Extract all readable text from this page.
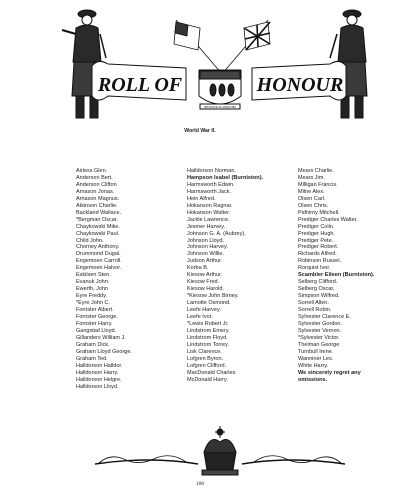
ROLL OF	HONOUR
PROVINCE OF MANITOBA
World War II.
Airless Glen.
Anderson Bert.
Anderson Clifton
Arnason Jonas.
Arnason Magnus.
Atkinson Charlie.
Backland Wallace.
*Bergman Oscar.
Chaykowski Mike.
Chaykowski Paul.
Child John.
Chorney Anthony.
Drummond Dugal.
Engemoen Carroll.
Engemoen Halvor.
Eskilsen Sten.
Evanuk John.
Ewerth, John
Eyre Freddy.
*Eyre John C.
Forrister Albert.
Forrister George.
Forrister Harry.
Gangstad Lloyd.
Gillanders William J.
Graham Dick.
Graham Lloyd George.
Graham Ted.
Halldorson Halldor.
Halldorson Harry.
Halldorson Helgre.
Halldorson Lloyd.
Halldorson Norman.
Hampson Isabel (Burniston).
Harmsworth Edwin.
Harmsworth Jack.
Hein Alfred.
Hokanson Ragnar.
Hokanson Walter.
Jackle Lawrence.
Jesmer Harvey.
Johnson G. A. (Aubrey).
Johnson Lloyd.
Johnson Harvey.
Johnson Willie.
Judson Arthur.
Korba B.
Kiesow Arthur.
Kiesow Fred.
Kiesow Harold.
*Kiesow John Birney.
Lamotte Osmond.
Leefe Harvey.
Leefe Ivor.
*Lewis Robert Jr.
Lindstrom Emery.
Lindstrom Floyd.
Lindstrom Torrey.
Lisk Clarence.
Lofgren Byron.
Lofgren Clifford.
MacDonald Charles.
McDonald Harry.
Mears Charlie.
Mears Jim.
Milligan Francis.
Milne Alex.
Olsen Carl.
Olsen Chris.
Pidhirny Mitchell.
Prediger Charles Walter.
Prediger Colin.
Prediger Hugh.
Prediger Pete.
Prediger Robert.
Richards Alfred.
Robinson Russel.
Rorquist Ivor.
Scambler Eileen (Burniston).
Selberg Clifford.
Selberg Oscar.
Simpson Wilfred.
Sorrell Allen.
Sorrell Robin.
Sylvester Clarence E.
Sylvester Gordon.
Sylvester Vernon.
*Sylvester Victor.
Thelman George
Turnbull Irene.
Wanniner Les.
White Harry.
We sincerely regret any omissions.
106
